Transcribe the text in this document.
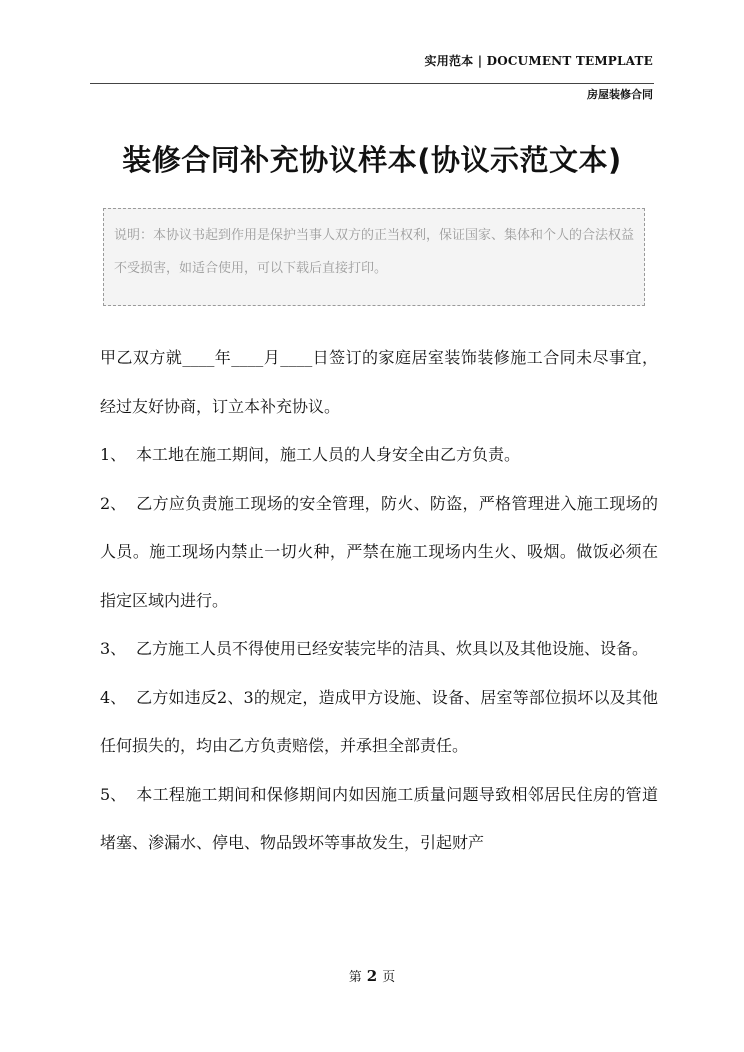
实用范本 | DOCUMENT TEMPLATE
房屋装修合同
装修合同补充协议样本(协议示范文本)
说明：本协议书起到作用是保护当事人双方的正当权利，保证国家、集体和个人的合法权益不受损害，如适合使用，可以下载后直接打印。

甲乙双方就____年____月____日签订的家庭居室装饰装修施工合同未尽事宜，经过友好协商，订立本补充协议。

1、 本工地在施工期间，施工人员的人身安全由乙方负责。

2、 乙方应负责施工现场的安全管理，防火、防盗，严格管理进入施工现场的人员。施工现场内禁止一切火种，严禁在施工现场内生火、吸烟。做饭必须在指定区域内进行。

3、 乙方施工人员不得使用已经安装完毕的洁具、炊具以及其他设施、设备。

4、 乙方如违反2、3的规定，造成甲方设施、设备、居室等部位损坏以及其他任何损失的，均由乙方负责赔偿，并承担全部责任。

5、 本工程施工期间和保修期间内如因施工质量问题导致相邻居民住房的管道堵塞、渗漏水、停电、物品毁坏等事故发生，引起财产

第 2 页
